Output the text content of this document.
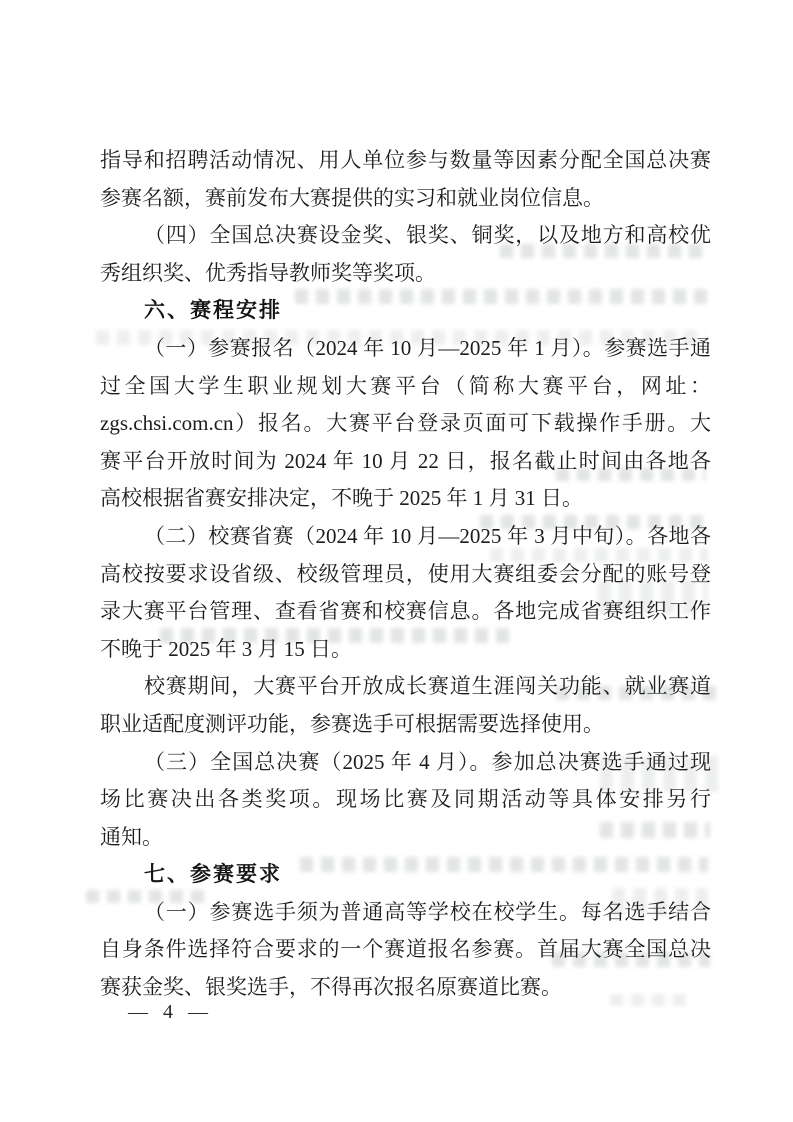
指导和招聘活动情况、用人单位参与数量等因素分配全国总决赛
参赛名额，赛前发布大赛提供的实习和就业岗位信息。
（四）全国总决赛设金奖、银奖、铜奖，以及地方和高校优
秀组织奖、优秀指导教师奖等奖项。
六、赛程安排
（一）参赛报名（2024 年 10 月—2025 年 1 月）。参赛选手通
过全国大学生职业规划大赛平台（简称大赛平台，网址：
zgs.chsi.com.cn）报名。大赛平台登录页面可下载操作手册。大
赛平台开放时间为 2024 年 10 月 22 日，报名截止时间由各地各
高校根据省赛安排决定，不晚于 2025 年 1 月 31 日。
（二）校赛省赛（2024 年 10 月—2025 年 3 月中旬）。各地各
高校按要求设省级、校级管理员，使用大赛组委会分配的账号登
录大赛平台管理、查看省赛和校赛信息。各地完成省赛组织工作
不晚于 2025 年 3 月 15 日。
校赛期间，大赛平台开放成长赛道生涯闯关功能、就业赛道
职业适配度测评功能，参赛选手可根据需要选择使用。
（三）全国总决赛（2025 年 4 月）。参加总决赛选手通过现
场比赛决出各类奖项。现场比赛及同期活动等具体安排另行
通知。
七、参赛要求
（一）参赛选手须为普通高等学校在校学生。每名选手结合
自身条件选择符合要求的一个赛道报名参赛。首届大赛全国总决
赛获金奖、银奖选手，不得再次报名原赛道比赛。
— 4 —
